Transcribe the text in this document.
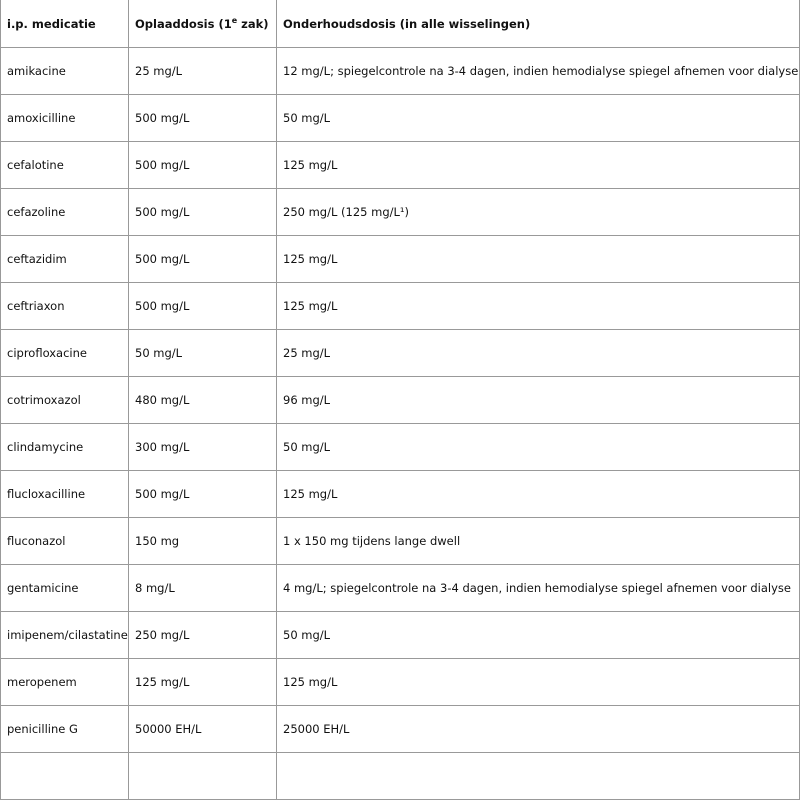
i.p. medicatie	Oplaaddosis (1e zak)	Onderhoudsdosis (in alle wisselingen)
amikacine	25 mg/L	12 mg/L; spiegelcontrole na 3-4 dagen, indien hemodialyse spiegel afnemen voor dialyse
amoxicilline	500 mg/L	50 mg/L
cefalotine	500 mg/L	125 mg/L
cefazoline	500 mg/L	250 mg/L (125 mg/L¹)
ceftazidim	500 mg/L	125 mg/L
ceftriaxon	500 mg/L	125 mg/L
ciprofloxacine	50 mg/L	25 mg/L
cotrimoxazol	480 mg/L	96 mg/L
clindamycine	300 mg/L	50 mg/L
flucloxacilline	500 mg/L	125 mg/L
fluconazol	150 mg	1 x 150 mg tijdens lange dwell
gentamicine	8 mg/L	4 mg/L; spiegelcontrole na 3-4 dagen, indien hemodialyse spiegel afnemen voor dialyse
imipenem/cilastatine	250 mg/L	50 mg/L
meropenem	125 mg/L	125 mg/L
penicilline G	50000 EH/L	25000 EH/L
